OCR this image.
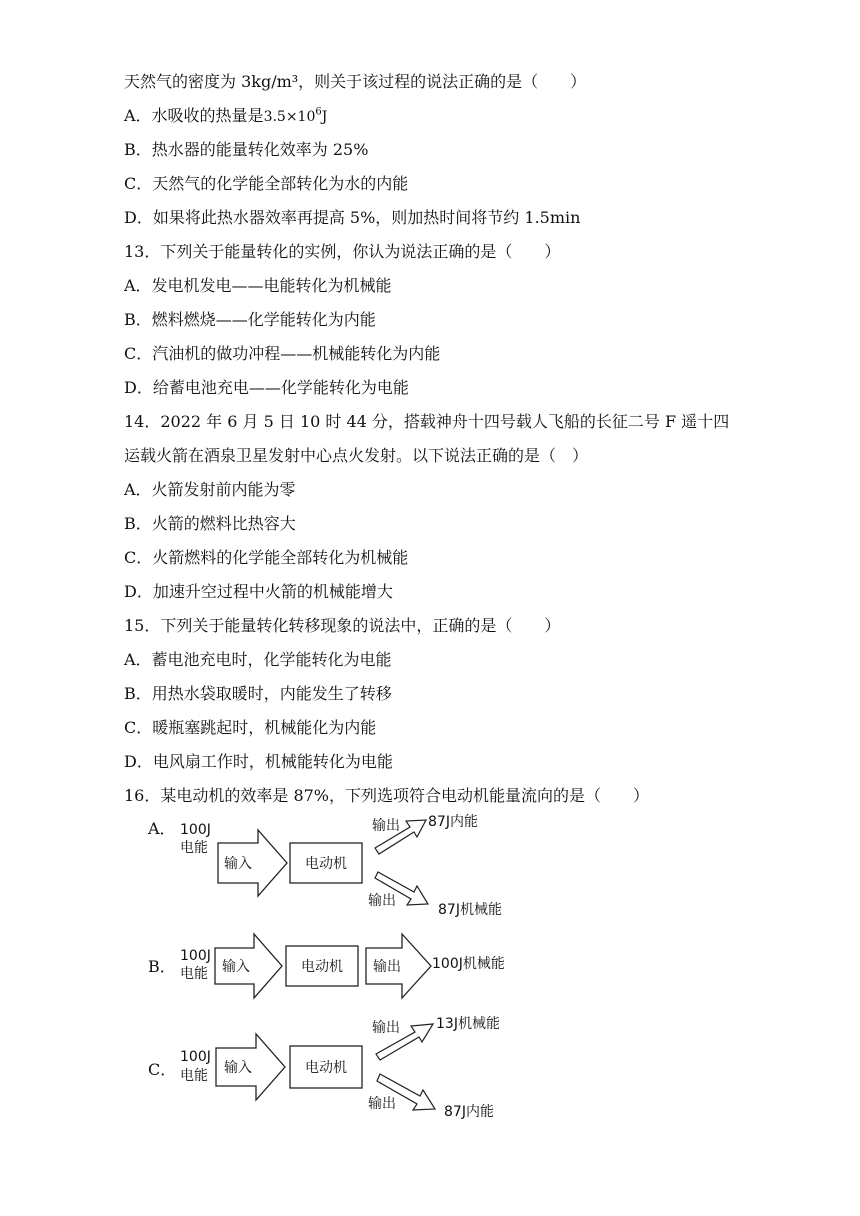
天然气的密度为 3kg/m³，则关于该过程的说法正确的是（　　）
A．水吸收的热量是$3.5\times 10^6J$
B．热水器的能量转化效率为 25%
C．天然气的化学能全部转化为水的内能
D．如果将此热水器效率再提高 5%，则加热时间将节约 1.5min
13．下列关于能量转化的实例，你认为说法正确的是（　　）
A．发电机发电——电能转化为机械能
B．燃料燃烧——化学能转化为内能
C．汽油机的做功冲程——机械能转化为内能
D．给蓄电池充电——化学能转化为电能
14．2022 年 6 月 5 日 10 时 44 分，搭载神舟十四号载人飞船的长征二号 F 遥十四
运载火箭在酒泉卫星发射中心点火发射。以下说法正确的是（　）
A．火箭发射前内能为零
B．火箭的燃料比热容大
C．火箭燃料的化学能全部转化为机械能
D．加速升空过程中火箭的机械能增大
15．下列关于能量转化转移现象的说法中，正确的是（　　）
A．蓄电池充电时，化学能转化为电能
B．用热水袋取暖时，内能发生了转移
C．暖瓶塞跳起时，机械能化为内能
D．电风扇工作时，机械能转化为电能
16．某电动机的效率是 87%，下列选项符合电动机能量流向的是（　　）
A． 100J
电能
输入	电动机
输出 87J内能
输出
87J机械能
B．
100J
电能 输入	电动机 输出 100J机械能
C．
100J
电能 输入	电动机
输出	13J机械能
输出	87J内能
